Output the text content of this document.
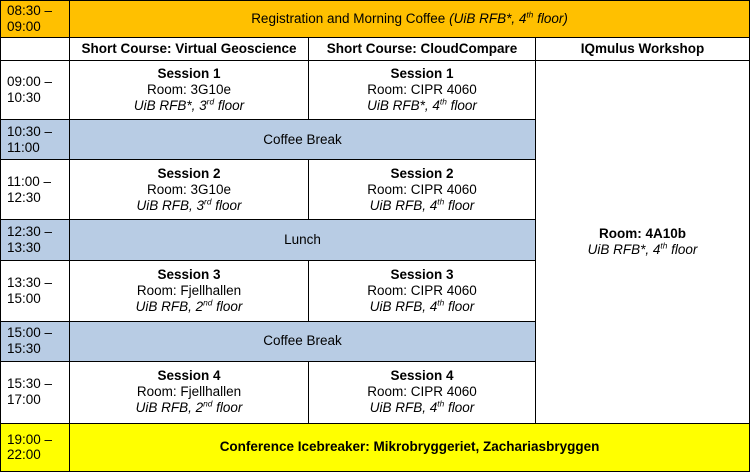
08:30 –
09:00	Registration and Morning Coffee (UiB RFB*, 4th floor)		
	Short Course: Virtual Geoscience	Short Course: CloudCompare	IQmulus Workshop
09:00 –
10:30	Session 1
Room: 3G10e
UiB RFB*, 3rd floor	Session 1
Room: CIPR 4060
UiB RFB*, 4th floor	Room: 4A10b
UiB RFB*, 4th floor

10:30 –
11:00	Coffee Break		
11:00 –
12:30	Session 2
Room: 3G10e
UiB RFB, 3rd floor	Session 2
Room: CIPR 4060
UiB RFB, 4th floor	

12:30 –
13:30	Lunch		
13:30 –
15:00	Session 3
Room: Fjellhallen
UiB RFB, 2nd floor	Session 3
Room: CIPR 4060
UiB RFB, 4th floor	

15:00 –
15:30	Coffee Break		
15:30 –
17:00	Session 4
Room: Fjellhallen
UiB RFB, 2nd floor	Session 4
Room: CIPR 4060
UiB RFB, 4th floor	

19:00 –
22:00	Conference Icebreaker: Mikrobryggeriet, Zachariasbryggen		
